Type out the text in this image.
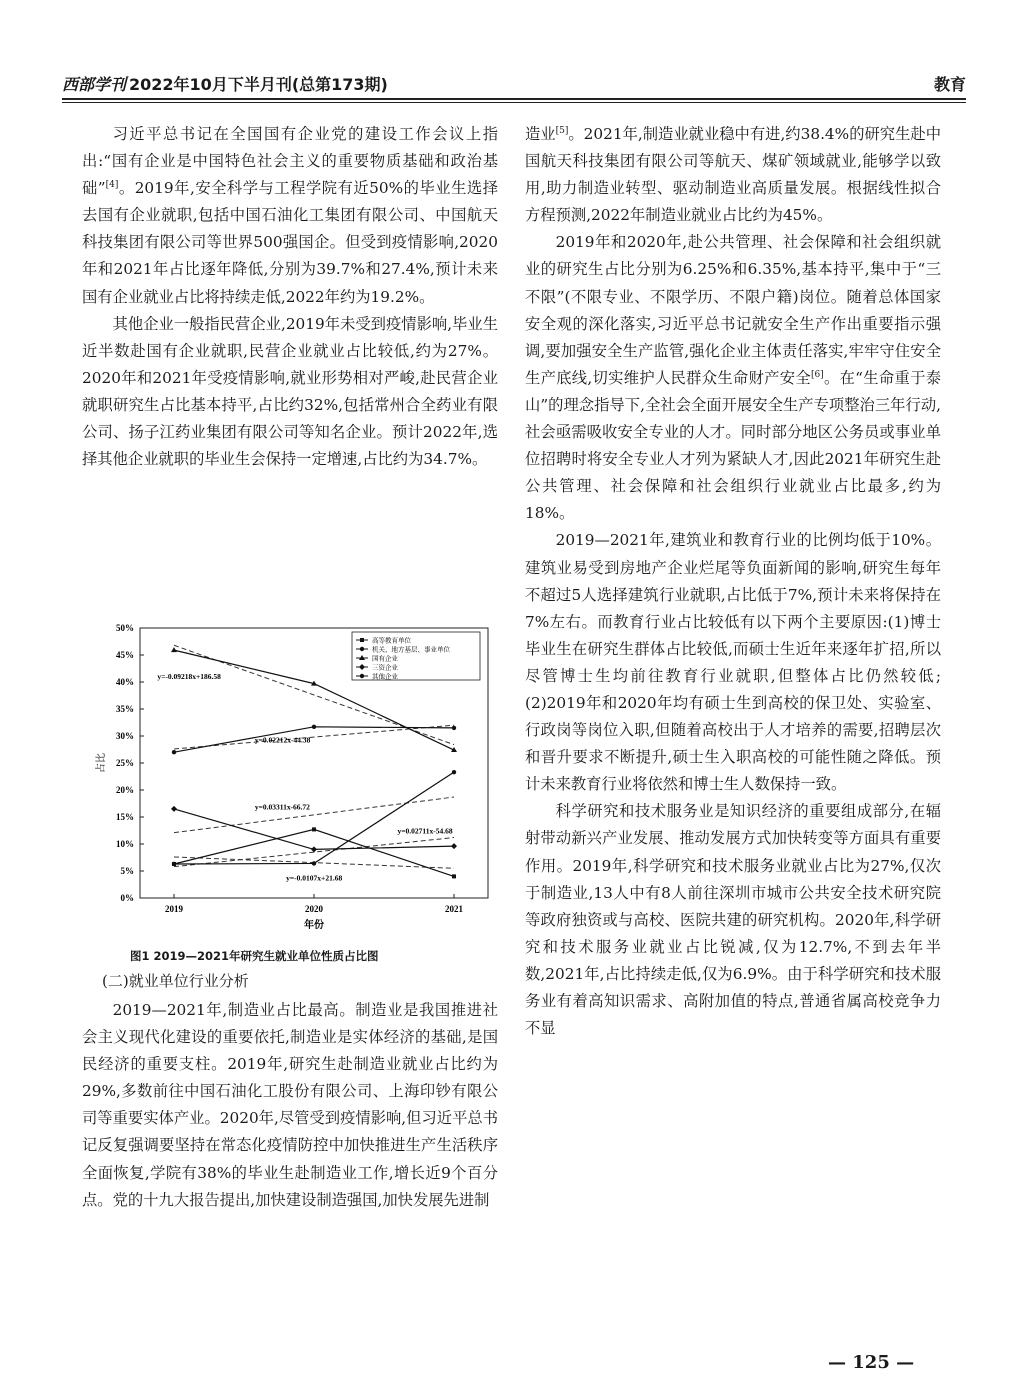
西部学刊 2022年10月下半月刊(总第173期)	教育

习近平总书记在全国国有企业党的建设工作会议上指出:“国有企业是中国特色社会主义的重要物质基础和政治基础”[4]。2019年,安全科学与工程学院有近50%的毕业生选择去国有企业就职,包括中国石油化工集团有限公司、中国航天科技集团有限公司等世界500强国企。但受到疫情影响,2020年和2021年占比逐年降低,分别为39.7%和27.4%,预计未来国有企业就业占比将持续走低,2022年约为19.2%。

其他企业一般指民营企业,2019年未受到疫情影响,毕业生近半数赴国有企业就职,民营企业就业占比较低,约为27%。2020年和2021年受疫情影响,就业形势相对严峻,赴民营企业就职研究生占比基本持平,占比约32%,包括常州合全药业有限公司、扬子江药业集团有限公司等知名企业。预计2022年,选择其他企业就职的毕业生会保持一定增速,占比约为34.7%。

0%
5%
10%
15%
20%
25%
30%
35%
40%
45%
50%
2019	2020	2021
年份
占比
y=-0.09218x+186.58
y=0.02212x-44.38
y=0.03311x-66.72
y=0.02711x-54.68
y=-0.0107x+21.68
高等教育单位
机关、地方基层、事业单位
国有企业
三资企业
其他企业
图1 2019—2021年研究生就业单位性质占比图
(二)就业单位行业分析

2019—2021年,制造业占比最高。制造业是我国推进社会主义现代化建设的重要依托,制造业是实体经济的基础,是国民经济的重要支柱。2019年,研究生赴制造业就业占比约为29%,多数前往中国石油化工股份有限公司、上海印钞有限公司等重要实体产业。2020年,尽管受到疫情影响,但习近平总书记反复强调要坚持在常态化疫情防控中加快推进生产生活秩序全面恢复,学院有38%的毕业生赴制造业工作,增长近9个百分点。党的十九大报告提出,加快建设制造强国,加快发展先进制

造业[5]。2021年,制造业就业稳中有进,约38.4%的研究生赴中国航天科技集团有限公司等航天、煤矿领域就业,能够学以致用,助力制造业转型、驱动制造业高质量发展。根据线性拟合方程预测,2022年制造业就业占比约为45%。

2019年和2020年,赴公共管理、社会保障和社会组织就业的研究生占比分别为6.25%和6.35%,基本持平,集中于“三不限”(不限专业、不限学历、不限户籍)岗位。随着总体国家安全观的深化落实,习近平总书记就安全生产作出重要指示强调,要加强安全生产监管,强化企业主体责任落实,牢牢守住安全生产底线,切实维护人民群众生命财产安全[6]。在“生命重于泰山”的理念指导下,全社会全面开展安全生产专项整治三年行动,社会亟需吸收安全专业的人才。同时部分地区公务员或事业单位招聘时将安全专业人才列为紧缺人才,因此2021年研究生赴公共管理、社会保障和社会组织行业就业占比最多,约为18%。

2019—2021年,建筑业和教育行业的比例均低于10%。建筑业易受到房地产企业烂尾等负面新闻的影响,研究生每年不超过5人选择建筑行业就职,占比低于7%,预计未来将保持在7%左右。而教育行业占比较低有以下两个主要原因:(1)博士毕业生在研究生群体占比较低,而硕士生近年来逐年扩招,所以尽管博士生均前往教育行业就职,但整体占比仍然较低;(2)2019年和2020年均有硕士生到高校的保卫处、实验室、行政岗等岗位入职,但随着高校出于人才培养的需要,招聘层次和晋升要求不断提升,硕士生入职高校的可能性随之降低。预计未来教育行业将依然和博士生人数保持一致。

科学研究和技术服务业是知识经济的重要组成部分,在辐射带动新兴产业发展、推动发展方式加快转变等方面具有重要作用。2019年,科学研究和技术服务业就业占比为27%,仅次于制造业,13人中有8人前往深圳市城市公共安全技术研究院等政府独资或与高校、医院共建的研究机构。2020年,科学研究和技术服务业就业占比锐减,仅为12.7%,不到去年半数,2021年,占比持续走低,仅为6.9%。由于科学研究和技术服务业有着高知识需求、高附加值的特点,普通省属高校竞争力不显

— 125 —
